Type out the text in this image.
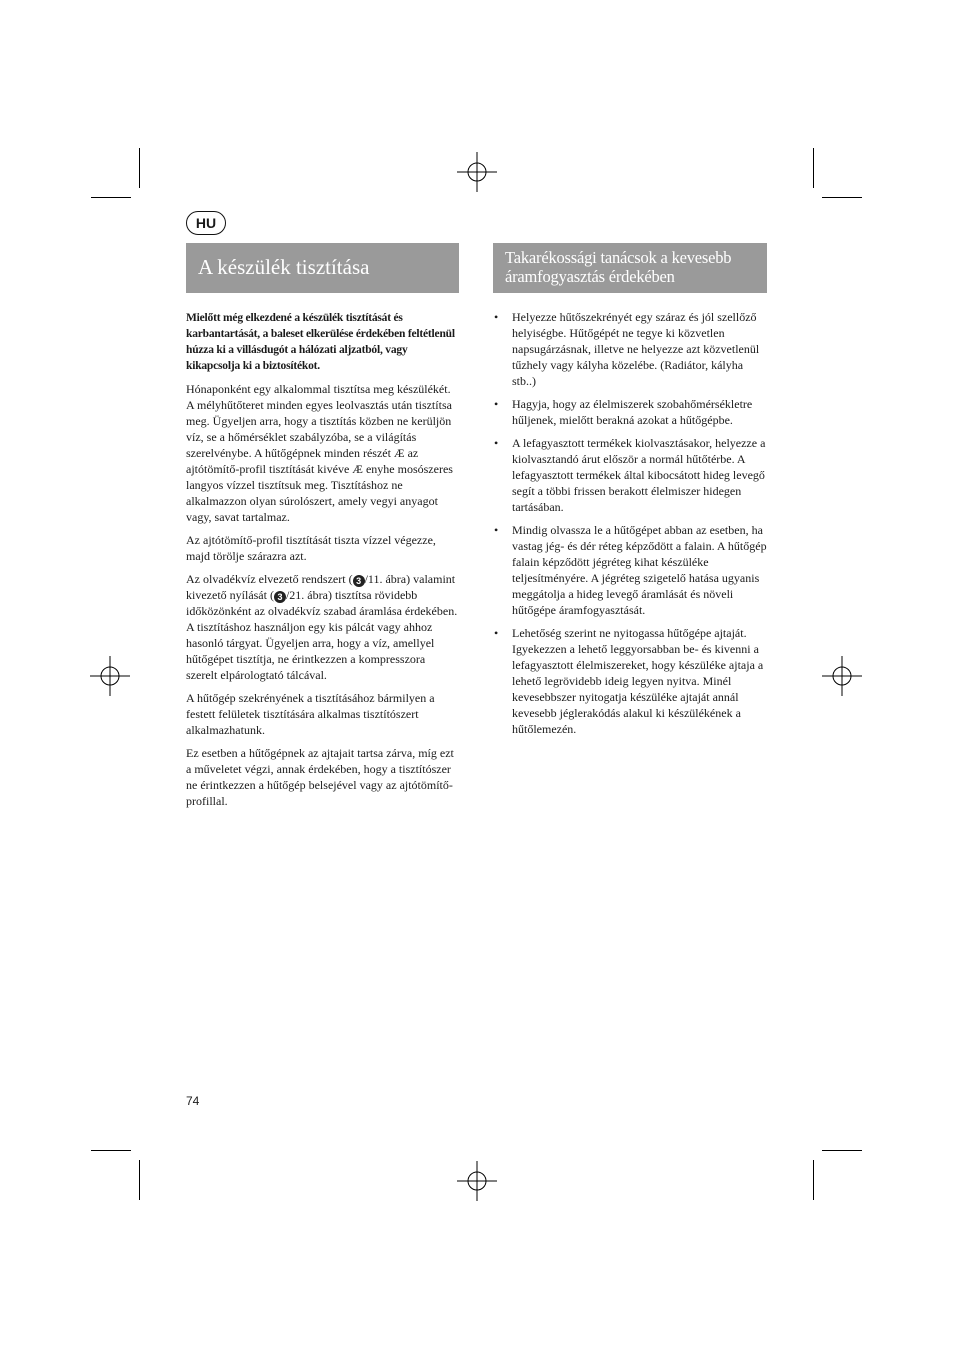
HU
A készülék tisztítása	Takarékossági tanácsok a kevesebb
áramfogyasztás érdekében

Mielőtt még elkezdené a készülék tisztítását és karbantartását, a baleset elkerülése érdekében feltétlenül húzza ki a villásdugót a hálózati aljzatból, vagy kikapcsolja ki a biztosítékot.

Hónaponként egy alkalommal tisztítsa meg készülékét. A mélyhűtőteret minden egyes leolvasztás után tisztítsa meg. Ügyeljen arra, hogy a tisztítás közben ne kerüljön víz, se a hőmérséklet szabályzóba, se a világítás szerelvénybe. A hűtőgépnek minden részét Æ az ajtótömítő-profil tisztítását kivéve Æ enyhe mosószeres langyos vízzel tisztítsuk meg. Tisztításhoz ne alkalmazzon olyan súrolószert, amely vegyi anyagot vagy, savat tartalmaz.

Az ajtótömítő-profil tisztítását tiszta vízzel végezze, majd törölje szárazra azt.

Az olvadékvíz elvezető rendszert ( 3 /11. ábra) valamint kivezető nyílását ( 3 /21. ábra) tisztítsa rövidebb időközönként az olvadékvíz szabad áramlása érdekében. A tisztításhoz használjon egy kis pálcát vagy ahhoz hasonló tárgyat. Ügyeljen arra, hogy a víz, amellyel hűtőgépet tisztítja, ne érintkezzen a kompresszora szerelt elpárologtató tálcával.

A hűtőgép szekrényének a tisztításához bármilyen a festett felületek tisztítására alkalmas tisztítószert alkalmazhatunk.

Ez esetben a hűtőgépnek az ajtajait tartsa zárva, míg ezt a műveletet végzi, annak érdekében, hogy a tisztítószer ne érintkezzen a hűtőgép belsejével vagy az ajtótömítő-profillal.

• Helyezze hűtőszekrényét egy száraz és jól szellőző helyiségbe. Hűtőgépét ne tegye ki közvetlen napsugárzásnak, illetve ne helyezze azt közvetlenül tűzhely vagy kályha közelébe. (Radiátor, kályha stb..)
• Hagyja, hogy az élelmiszerek szobahőmérsékletre hűljenek, mielőtt berakná azokat a hűtőgépbe.
• A lefagyasztott termékek kiolvasztásakor, helyezze a kiolvasztandó árut először a normál hűtőtérbe. A lefagyasztott termékek által kibocsátott hideg levegő segít a többi frissen berakott élelmiszer hidegen tartásában.
• Mindig olvassza le a hűtőgépet abban az esetben, ha vastag jég- és dér réteg képződött a falain. A hűtőgép falain képződött jégréteg kihat készüléke teljesítményére. A jégréteg szigetelő hatása ugyanis meggátolja a hideg levegő áramlását és növeli hűtőgépe áramfogyasztását.
• Lehetőség szerint ne nyitogassa hűtőgépe ajtaját. Igyekezzen a lehető leggyorsabban be- és kivenni a lefagyasztott élelmiszereket, hogy készüléke ajtaja a lehető legrövidebb ideig legyen nyitva. Minél kevesebbszer nyitogatja készüléke ajtaját annál kevesebb jéglerakódás alakul ki készülékének a hűtőlemezén.
74
